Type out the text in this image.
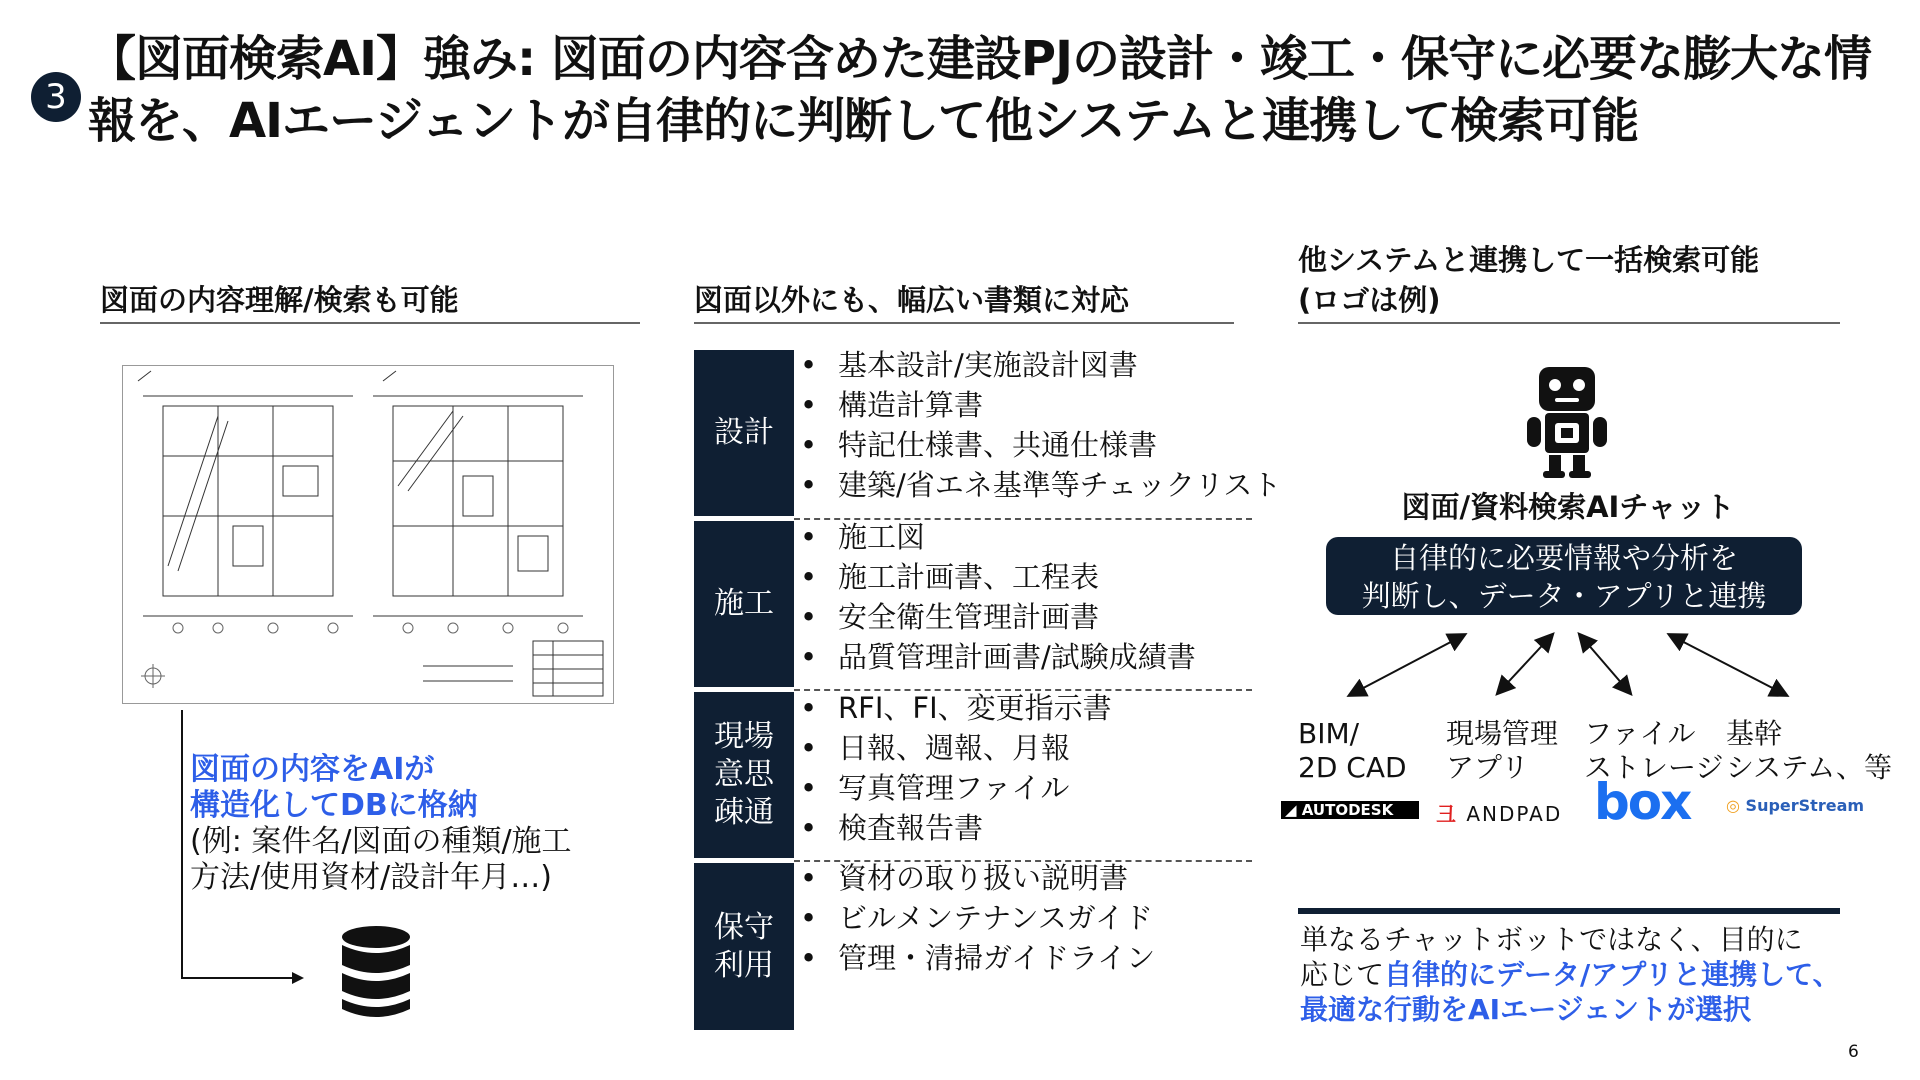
3
【図面検索AI】強み: 図面の内容含めた建設PJの設計・竣工・保守に必要な膨大な情報を、AIエージェントが自律的に判断して他システムと連携して検索可能
図面の内容理解/検索も可能
図面の内容をAIが
構造化してDBに格納
(例: 案件名/図面の種類/施工
方法/使用資材/設計年月…)
図面以外にも、幅広い書類に対応
設計
• 基本設計/実施設計図書
• 構造計算書
• 特記仕様書、共通仕様書
• 建築/省エネ基準等チェックリスト
施工
• 施工図
• 施工計画書、工程表
• 安全衛生管理計画書
• 品質管理計画書/試験成績書
現場
意思
疎通
• RFI、FI、変更指示書
• 日報、週報、月報
• 写真管理ファイル
• 検査報告書
保守
利用
• 資材の取り扱い説明書
• ビルメンテナンスガイド
• 管理・清掃ガイドライン
他システムと連携して一括検索可能
(ロゴは例)
図面/資料検索AIチャット
自律的に必要情報や分析を
判断し、データ・アプリと連携
BIM/
2D CAD
現場管理
アプリ
ファイル
ストレージ
基幹
システム、等
◢ AUTODESK	⼹ ANDPAD box ◎ SuperStream
単なるチャットボットではなく、目的に
応じて自律的にデータ/アプリと連携して、
最適な行動をAIエージェントが選択
6
